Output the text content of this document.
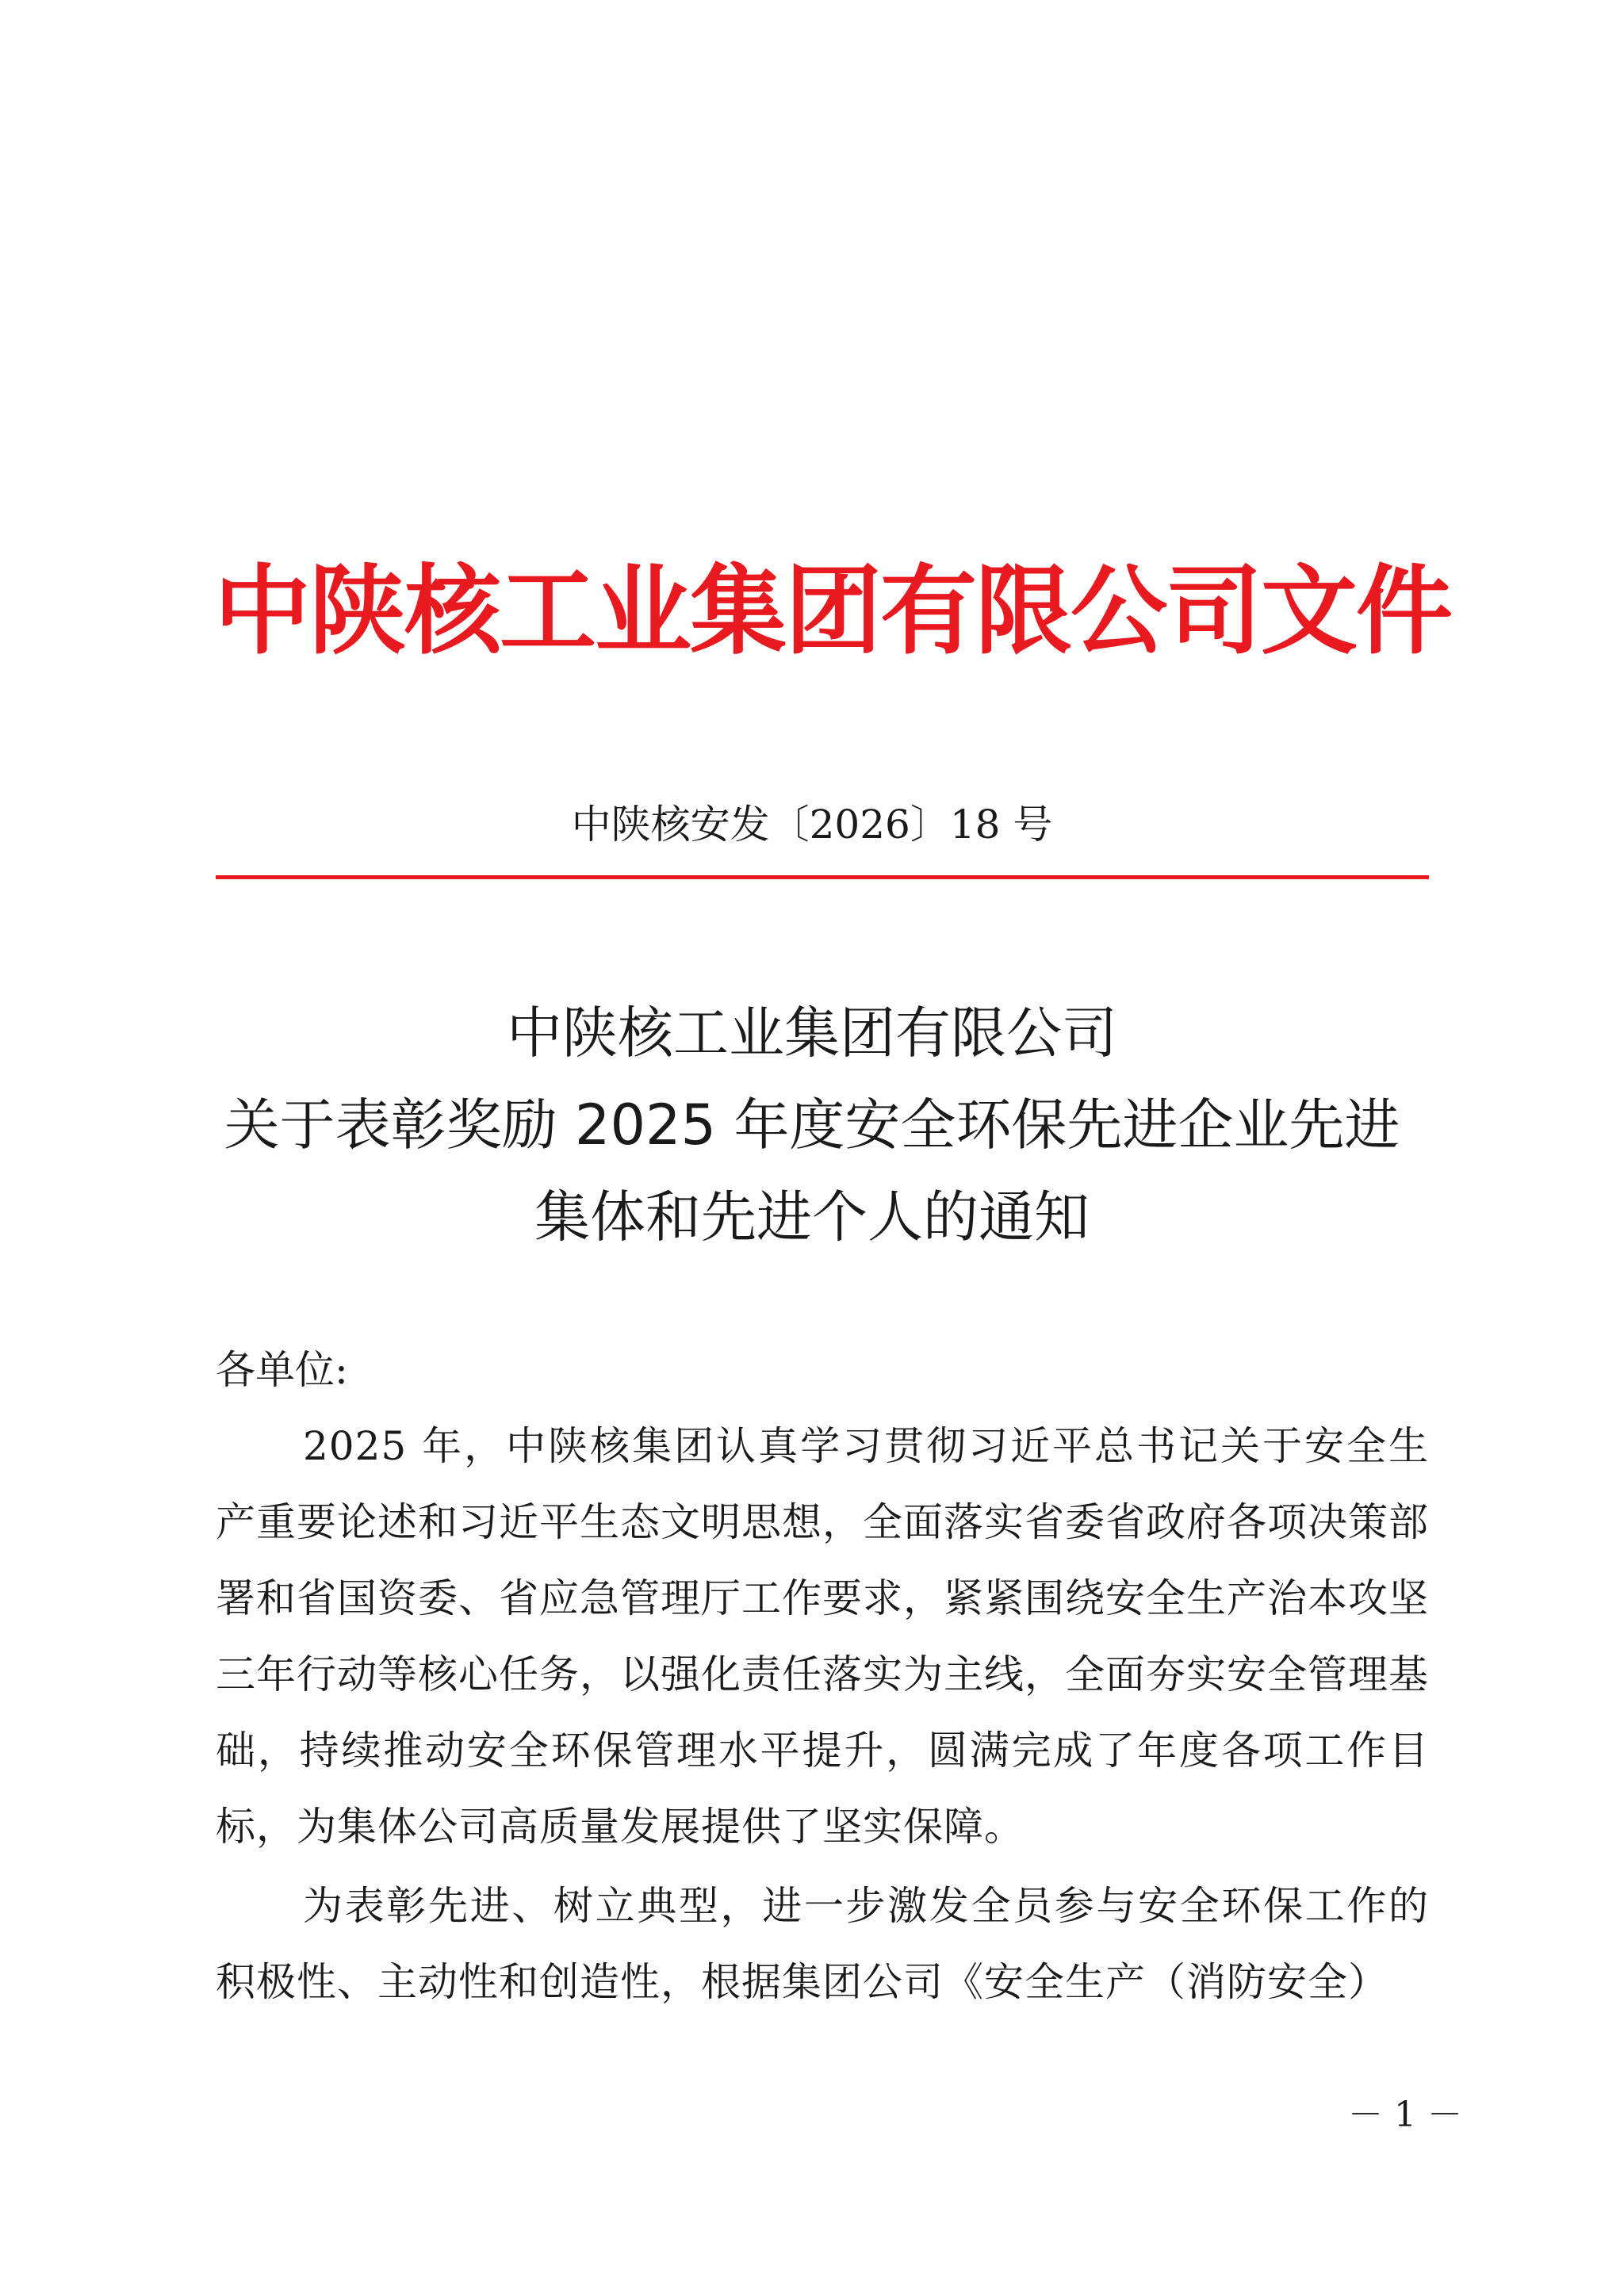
中陕核工业集团有限公司文件
中陕核安发〔2026〕18 号
中陕核工业集团有限公司
关于表彰奖励 2025 年度安全环保先进企业先进
集体和先进个人的通知

各单位:

2025 年，中陕核集团认真学习贯彻习近平总书记关于安全生产重要论述和习近平生态文明思想，全面落实省委省政府各项决策部署和省国资委、省应急管理厅工作要求，紧紧围绕安全生产治本攻坚三年行动等核心任务，以强化责任落实为主线，全面夯实安全管理基础，持续推动安全环保管理水平提升，圆满完成了年度各项工作目标，为集体公司高质量发展提供了坚实保障。

为表彰先进、树立典型，进一步激发全员参与安全环保工作的积极性、主动性和创造性，根据集团公司《安全生产（消防安全）

－ 1 －
